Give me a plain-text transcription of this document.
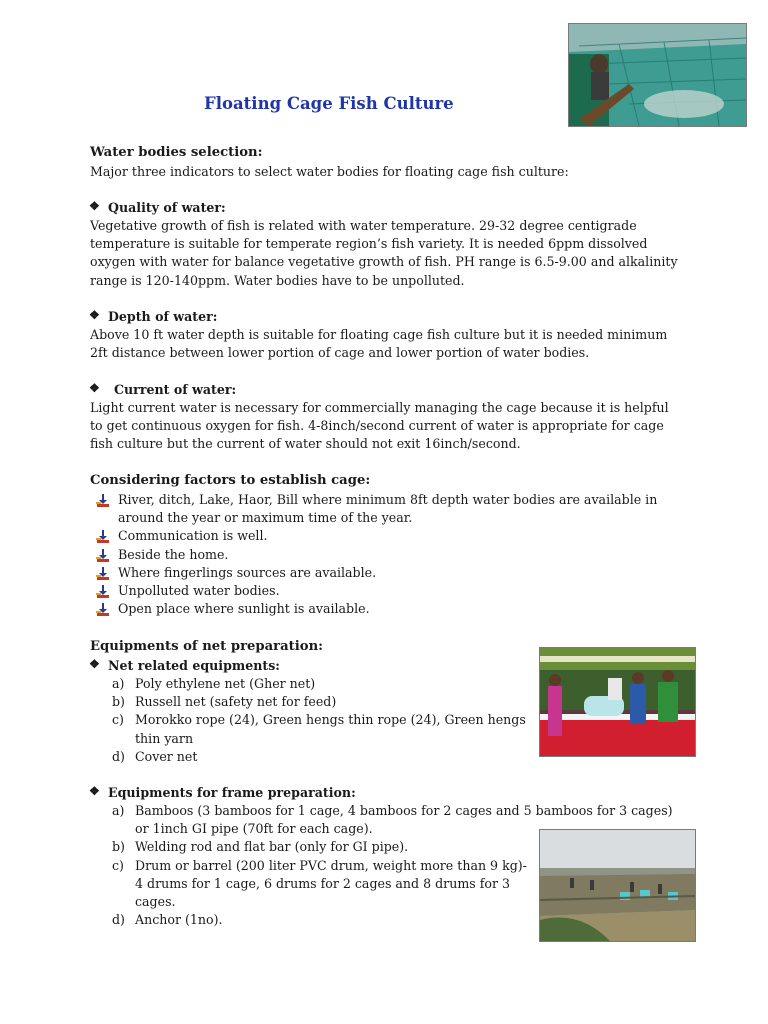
Floating Cage Fish Culture
Water bodies selection:
Major three indicators to select water bodies for floating cage fish culture:
❖Quality of water:
Vegetative growth of fish is related with water temperature. 29-32 degree centigrade
temperature is suitable for temperate region’s fish variety. It is needed 6ppm dissolved
oxygen with water for balance vegetative growth of fish. PH range is 6.5-9.00 and alkalinity
range is 120-140ppm. Water bodies have to be unpolluted.
❖Depth of water:
Above 10 ft water depth is suitable for floating cage fish culture but it is needed minimum
2ft distance between lower portion of cage and lower portion of water bodies.
❖Current of water:
Light current water is necessary for commercially managing the cage because it is helpful
to get continuous oxygen for fish. 4-8inch/second current of water is appropriate for cage
fish culture but the current of water should not exit 16inch/second.
Considering factors to establish cage:
River, ditch, Lake, Haor, Bill where minimum 8ft depth water bodies are available in
around the year or maximum time of the year.
Communication is well.
Beside the home.
Where fingerlings sources are available.
Unpolluted water bodies.
Open place where sunlight is available.
Equipments of net preparation:
❖Net related equipments:
a) Poly ethylene net (Gher net)
b) Russell net (safety net for feed)
c) Morokko rope (24), Green hengs thin rope (24), Green hengs
thin yarn
d) Cover net
❖Equipments for frame preparation:
a) Bamboos (3 bamboos for 1 cage, 4 bamboos for 2 cages and 5 bamboos for 3 cages)
or 1inch GI pipe (70ft for each cage).
b) Welding rod and flat bar (only for GI pipe).
c) Drum or barrel (200 liter PVC drum, weight more than 9 kg)-
4 drums for 1 cage, 6 drums for 2 cages and 8 drums for 3
cages.
d) Anchor (1no).
